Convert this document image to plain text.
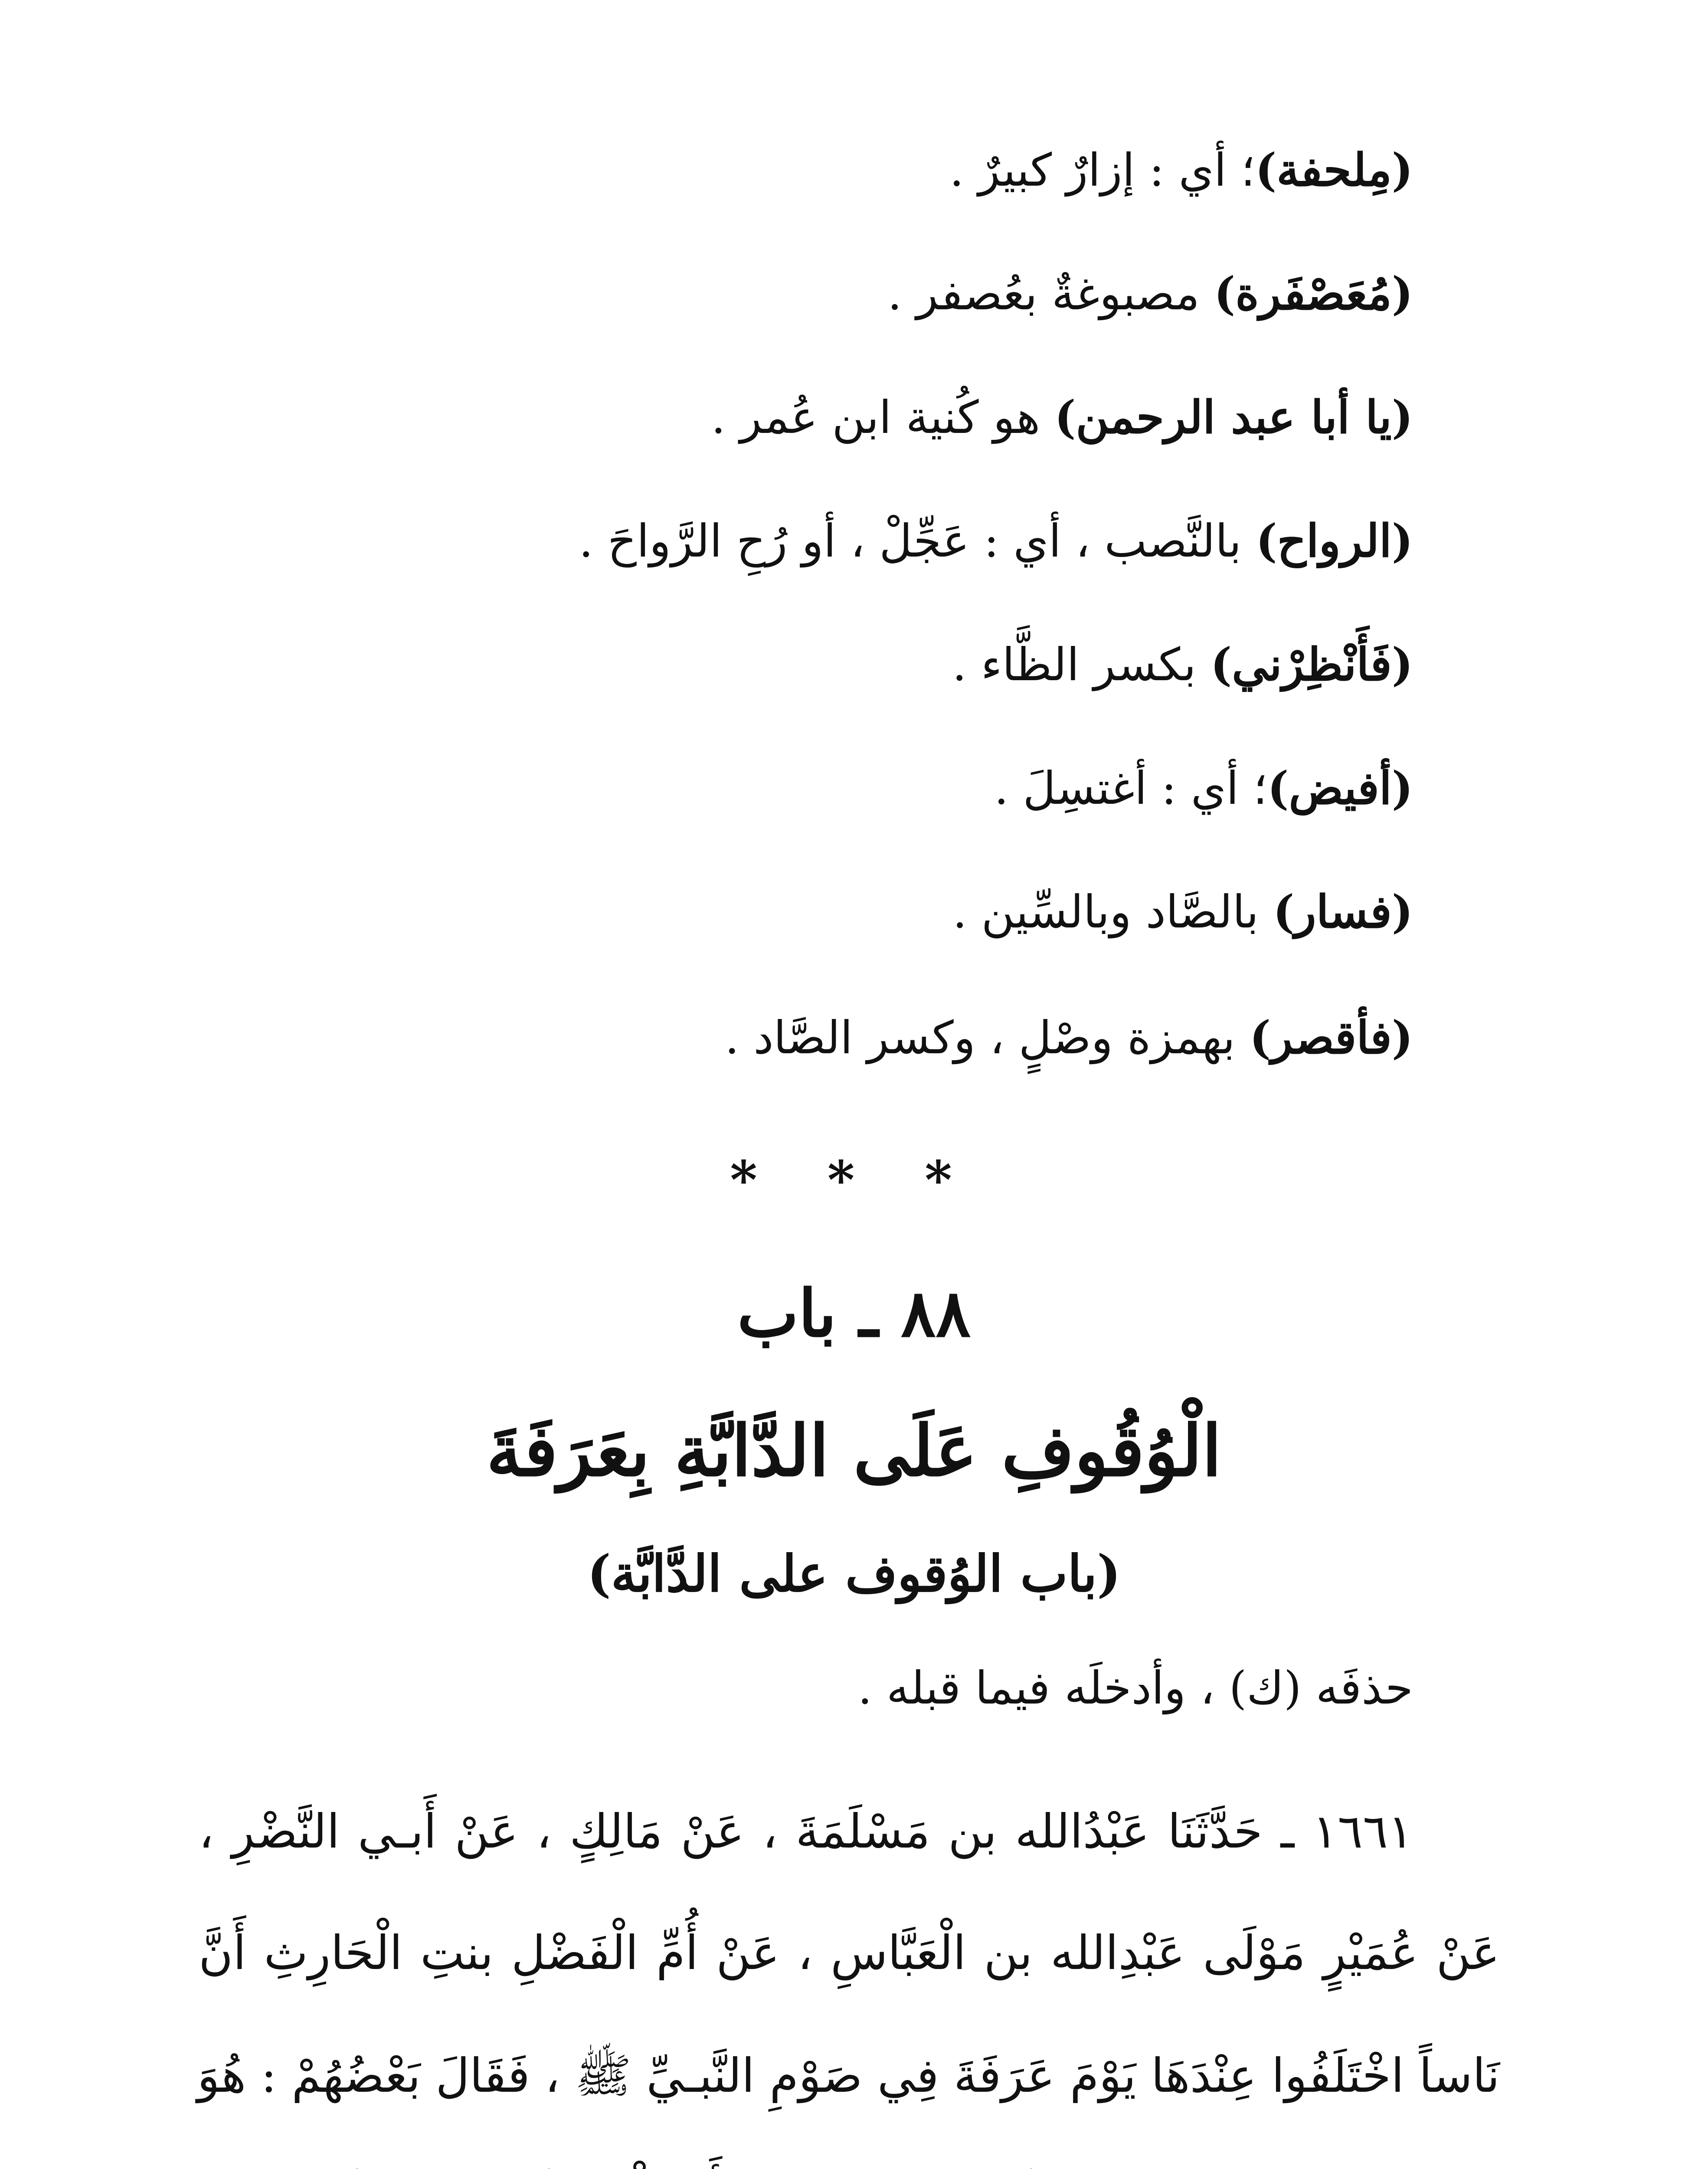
(مِلحفة)؛ أي : إزارٌ كبيرٌ .
(مُعَصْفَرة) مصبوغةٌ بعُصفر .
(يا أبا عبد الرحمن) هو كُنية ابن عُمر .
(الرواح) بالنَّصب ، أي : عَجِّلْ ، أو رُحِ الرَّواحَ .
(فَأَنْظِرْني) بكسر الظَّاء .
(أفيض)؛ أي : أغتسِلَ .
(فسار) بالصَّاد وبالسِّين .
(فأقصر) بهمزة وصْلٍ ، وكسر الصَّاد .
* * *
٨٨ ـ باب
الْوُقُوفِ عَلَى الدَّابَّةِ بِعَرَفَةَ
(باب الوُقوف على الدَّابَّة)
حذفَه (ك) ، وأدخلَه فيما قبله .
١٦٦١ ـ حَدَّثَنَا عَبْدُالله بن مَسْلَمَةَ ، عَنْ مَالِكٍ ، عَنْ أَبـي النَّضْرِ ،
عَنْ عُمَيْرٍ مَوْلَى عَبْدِالله بن الْعَبَّاسِ ، عَنْ أُمِّ الْفَضْلِ بنتِ الْحَارِثِ أَنَّ
نَاساً اخْتَلَفُوا عِنْدَهَا يَوْمَ عَرَفَةَ فِي صَوْمِ النَّبـيِّ ﷺ ، فَقَالَ بَعْضُهُمْ : هُوَ
